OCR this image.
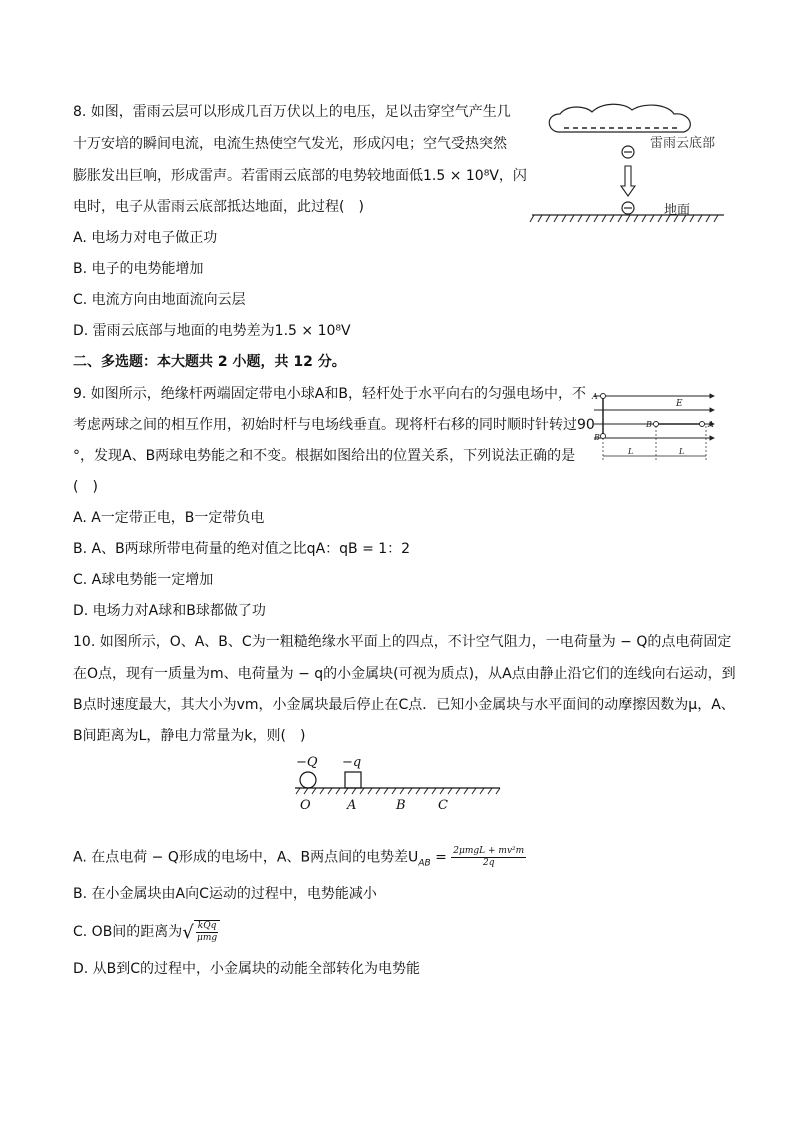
8. 如图，雷雨云层可以形成几百万伏以上的电压，足以击穿空气产生几
十万安培的瞬间电流，电流生热使空气发光，形成闪电；空气受热突然
膨胀发出巨响，形成雷声。若雷雨云底部的电势较地面低1.5 × 10⁸V，闪
电时，电子从雷雨云底部抵达地面，此过程(　)
A. 电场力对电子做正功
B. 电子的电势能增加
C. 电流方向由地面流向云层
D. 雷雨云底部与地面的电势差为1.5 × 10⁸V
雷雨云底部
地面
二、多选题：本大题共 2 小题，共 12 分。
9. 如图所示，绝缘杆两端固定带电小球A和B，轻杆处于水平向右的匀强电场中，不
考虑两球之间的相互作用，初始时杆与电场线垂直。现将杆右移的同时顺时针转过90
°，发现A、B两球电势能之和不变。根据如图给出的位置关系，下列说法正确的是
(　)
A. A一定带正电，B一定带负电
B. A、B两球所带电荷量的绝对值之比qA：qB = 1：2
C. A球电势能一定增加
D. 电场力对A球和B球都做了功
E
A
B
B	A
L	L
10. 如图所示，O、A、B、C为一粗糙绝缘水平面上的四点，不计空气阻力，一电荷量为 − Q的点电荷固定
在O点，现有一质量为m、电荷量为 − q的小金属块(可视为质点)，从A点由静止沿它们的连线向右运动，到
B点时速度最大，其大小为vm，小金属块最后停止在C点．已知小金属块与水平面间的动摩擦因数为μ，A、
B间距离为L，静电力常量为k，则(　)
−Q −q
O	A	B C
A. 在点电荷 − Q形成的电场中，A、B两点间的电势差$U_{AB} = \frac{\text{2μmgL + mv²m}}{2q}$
B. 在小金属块由A向C运动的过程中，电势能减小
C. OB间的距离为√ $\frac{\text{kQq}}{\text{μmg}}$
D. 从B到C的过程中，小金属块的动能全部转化为电势能
